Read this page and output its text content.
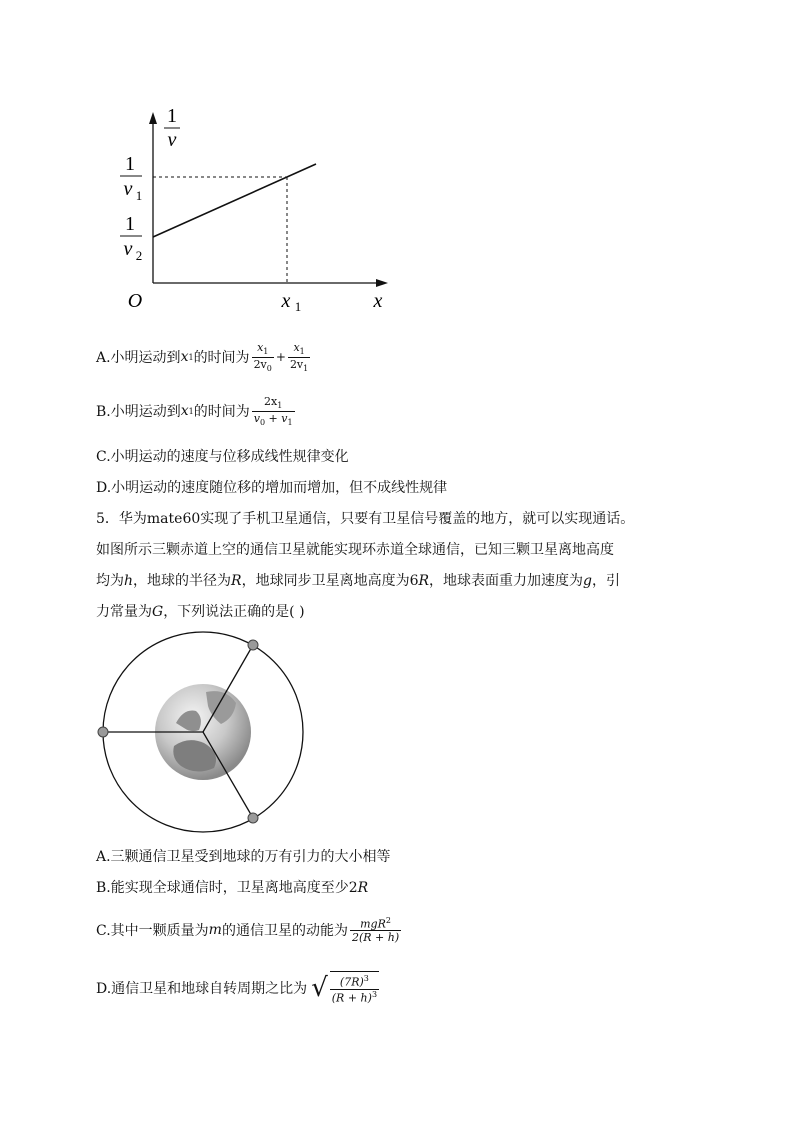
1
v
1
v 1
1
v 2
O	x 1	x
A.小明运动到 x 1 的时间为 $\frac{x_1}{2v_0} + \frac{x_1}{2v_1}$
B.小明运动到 x 1 的时间为 $\frac{2x_1}{v_0 + v_1}$
C.小明运动的速度与位移成线性规律变化
D.小明运动的速度随位移的增加而增加，但不成线性规律
5．华为mate60实现了手机卫星通信，只要有卫星信号覆盖的地方，就可以实现通话。
如图所示三颗赤道上空的通信卫星就能实现环赤道全球通信，已知三颗卫星离地高度
均为h，地球的半径为R，地球同步卫星离地高度为6R，地球表面重力加速度为g，引
力常量为G，下列说法正确的是( )
A.三颗通信卫星受到地球的万有引力的大小相等
B.能实现全球通信时，卫星离地高度至少2R
C.其中一颗质量为 m 的通信卫星的动能为 $\frac{mgR^2}{2(R + h)}$
D.通信卫星和地球自转周期之比为 √ $\frac{(7R)^3}{(R + h)^3}$
